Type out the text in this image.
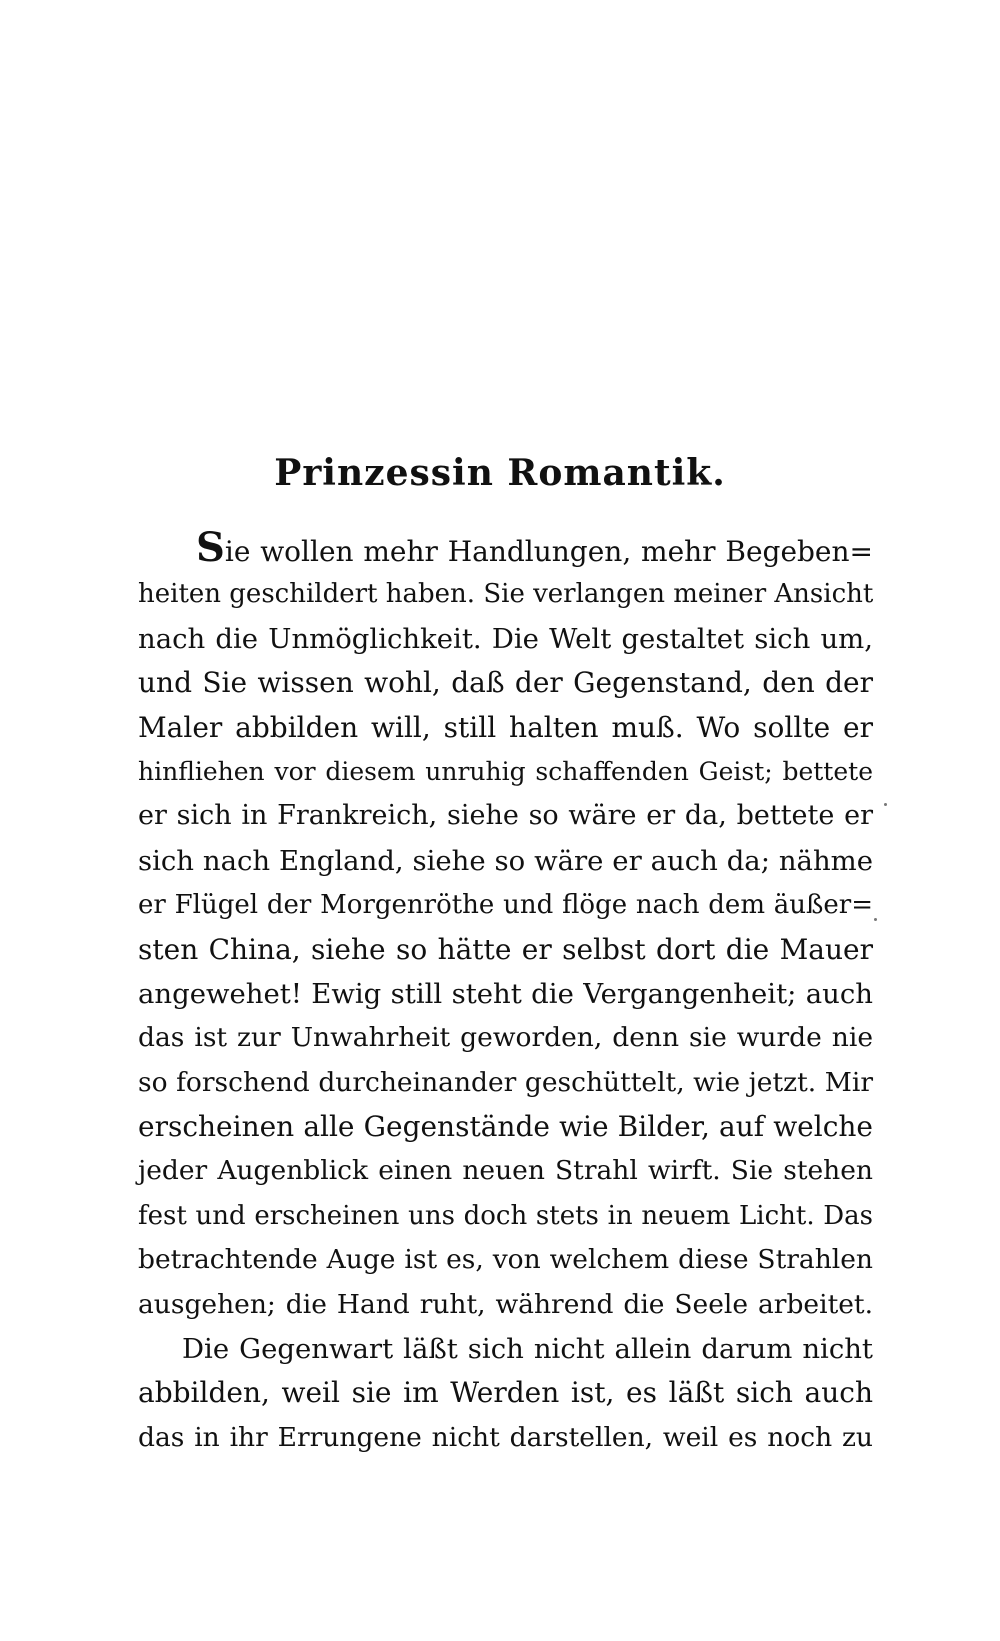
Prinzessin Romantik.
Sie wollen mehr Handlungen, mehr Begeben=
heiten geschildert haben. Sie verlangen meiner Ansicht
nach die Unmöglichkeit. Die Welt gestaltet sich um,
und Sie wissen wohl, daß der Gegenstand, den der
Maler abbilden will, still halten muß. Wo sollte er
hinfliehen vor diesem unruhig schaffenden Geist; bettete
er sich in Frankreich, siehe so wäre er da, bettete er
sich nach England, siehe so wäre er auch da; nähme
er Flügel der Morgenröthe und flöge nach dem äußer=
sten China, siehe so hätte er selbst dort die Mauer
angewehet! Ewig still steht die Vergangenheit; auch
das ist zur Unwahrheit geworden, denn sie wurde nie
so forschend durcheinander geschüttelt, wie jetzt. Mir
erscheinen alle Gegenstände wie Bilder, auf welche
jeder Augenblick einen neuen Strahl wirft. Sie stehen
fest und erscheinen uns doch stets in neuem Licht. Das
betrachtende Auge ist es, von welchem diese Strahlen
ausgehen; die Hand ruht, während die Seele arbeitet.
Die Gegenwart läßt sich nicht allein darum nicht
abbilden, weil sie im Werden ist, es läßt sich auch
das in ihr Errungene nicht darstellen, weil es noch zu
